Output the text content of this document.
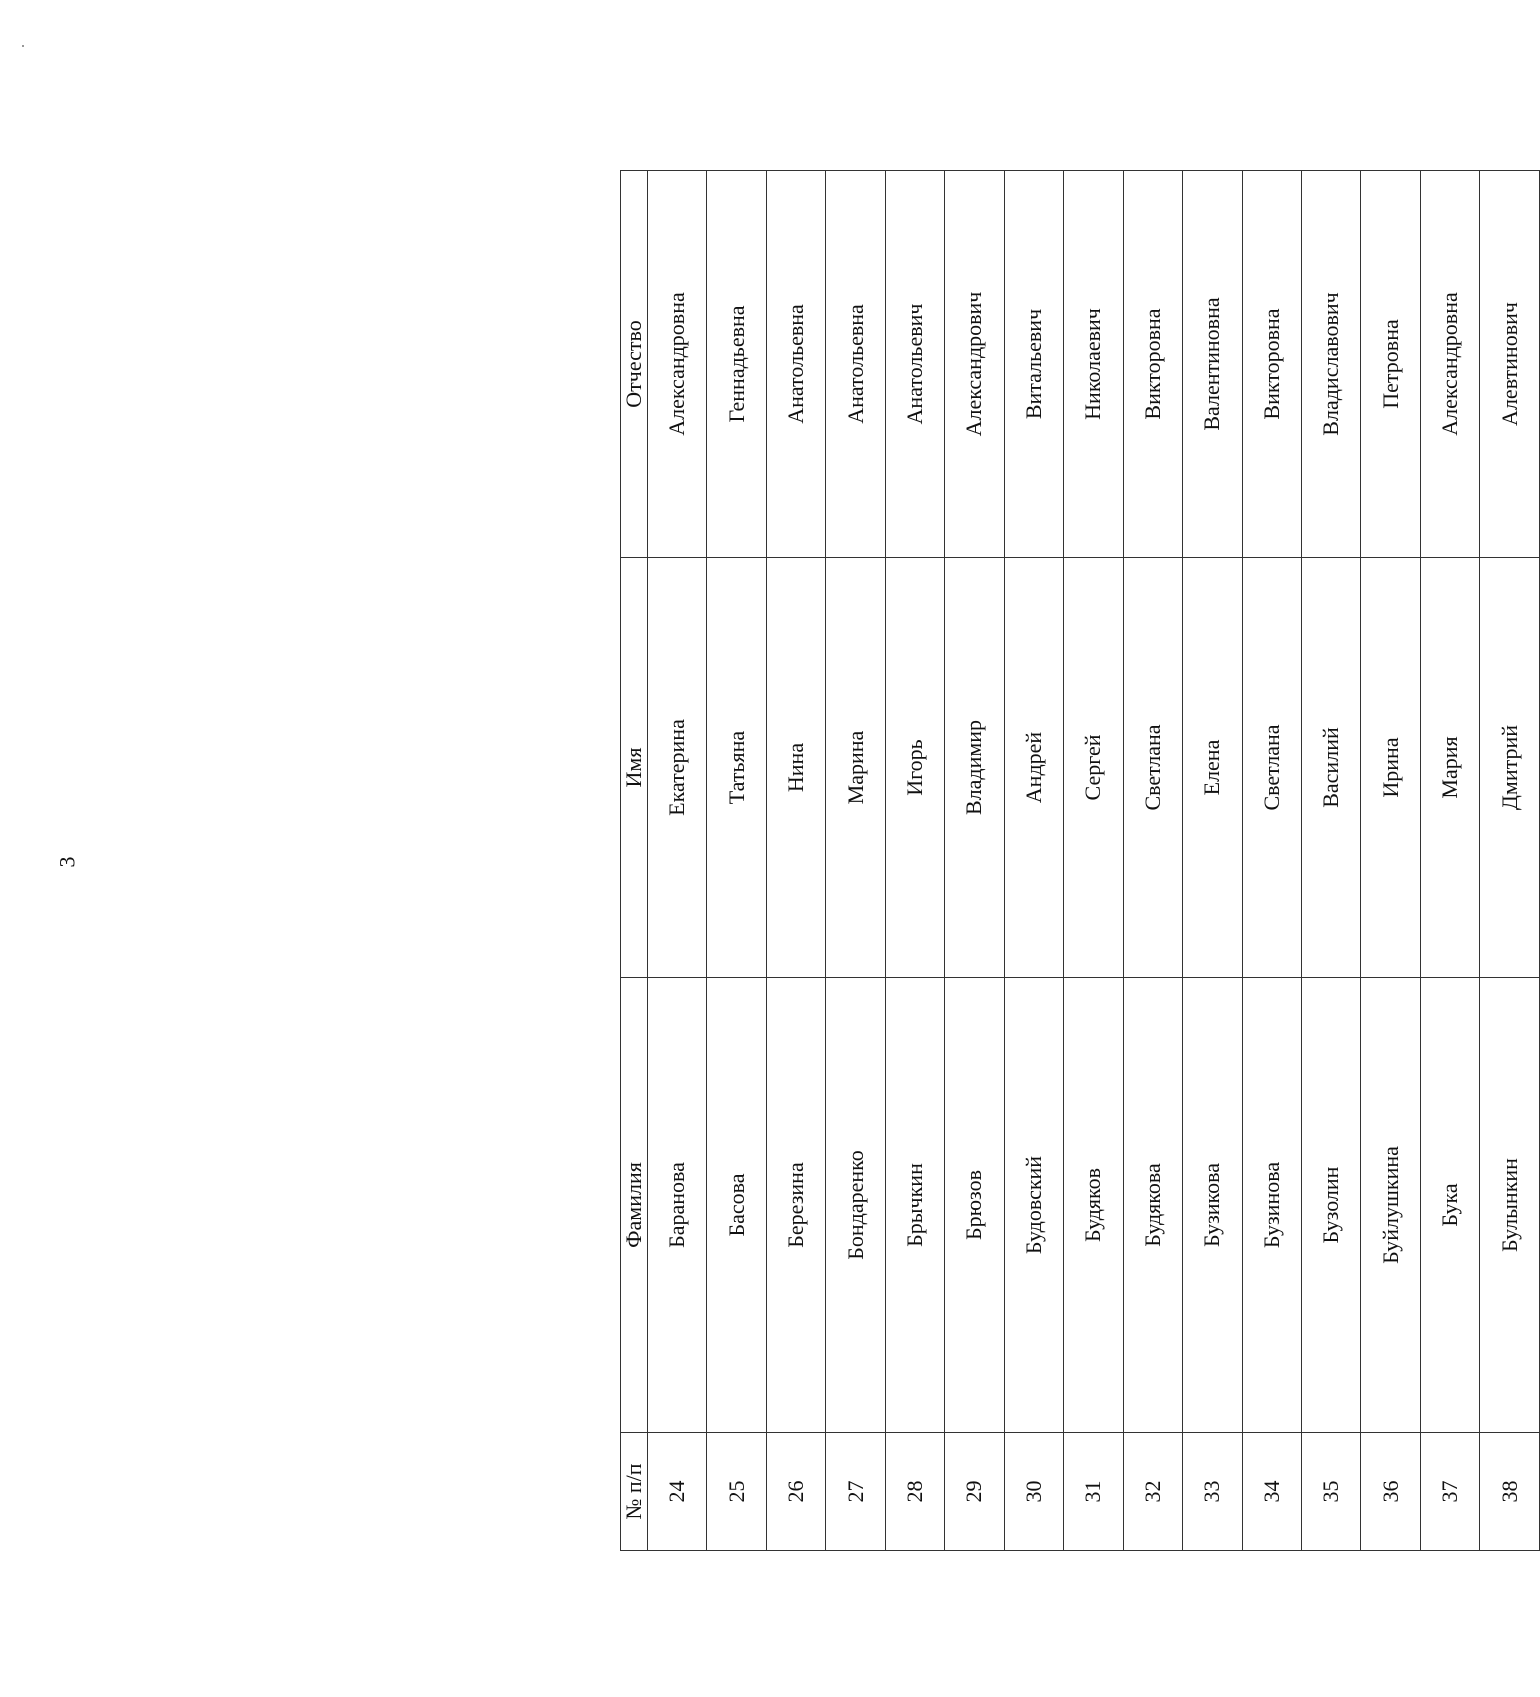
3
№ п/п	Фамилия	Имя	Отчество
24	Баранова	Екатерина	Александровна
25	Басова	Татьяна	Геннадьевна
26	Березина	Нина	Анатольевна
27	Бондаренко	Марина	Анатольевна
28	Брычкин	Игорь	Анатольевич
29	Брюзов	Владимир	Александрович
30	Будовский	Андрей	Витальевич
31	Будяков	Сергей	Николаевич
32	Будякова	Светлана	Викторовна
33	Бузикова	Елена	Валентиновна
34	Бузинова	Светлана	Викторовна
35	Бузолин	Василий	Владиславович
36	Буйлушкина	Ирина	Петровна
37	Бука	Мария	Александровна
38	Булынкин	Дмитрий	Алевтинович
